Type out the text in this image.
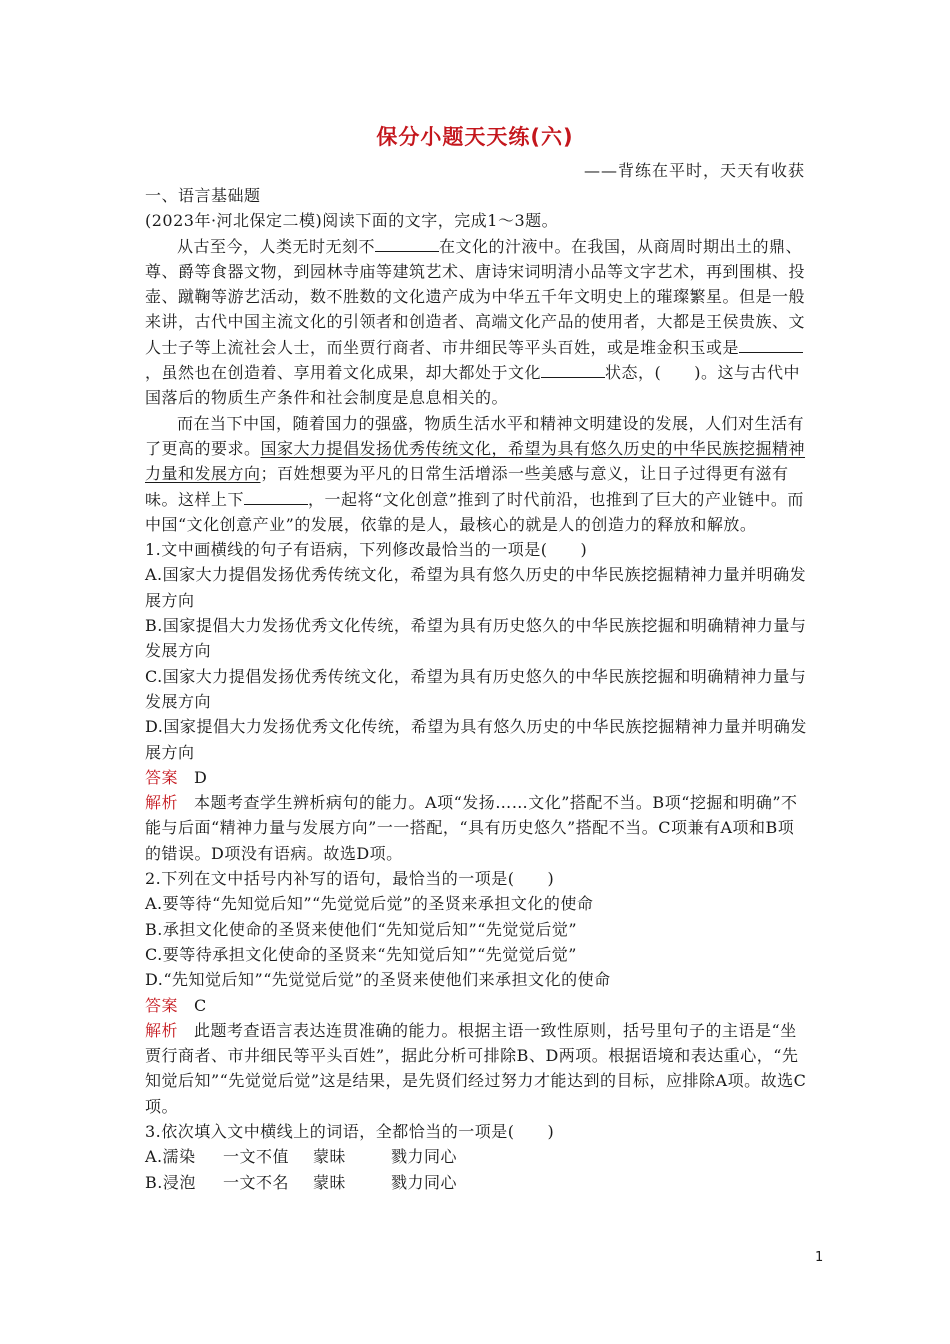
保分小题天天练(六)
——背练在平时，天天有收获

一、语言基础题

(2023年·河北保定二模)阅读下面的文字，完成1～3题。

从古至今，人类无时无刻不	在文化的汁液中。在我国，从商周时期出土的鼎、尊、爵等食器文物，到园林寺庙等建筑艺术、唐诗宋词明清小品等文字艺术，再到围棋、投壶、蹴鞠等游艺活动，数不胜数的文化遗产成为中华五千年文明史上的璀璨繁星。但是一般来讲，古代中国主流文化的引领者和创造者、高端文化产品的使用者，大都是王侯贵族、文人士子等上流社会人士，而坐贾行商者、市井细民等平头百姓，或是堆金积玉或是，虽然也在创造着、享用着文化成果，却大都处于文化	状态，(　　)。这与古代中国落后的物质生产条件和社会制度是息息相关的。

而在当下中国，随着国力的强盛，物质生活水平和精神文明建设的发展，人们对生活有了更高的要求。国家大力提倡发扬优秀传统文化，希望为具有悠久历史的中华民族挖掘精神力量和发展方向；百姓想要为平凡的日常生活增添一些美感与意义，让日子过得更有滋有味。这样上下	，一起将“文化创意”推到了时代前沿，也推到了巨大的产业链中。而中国“文化创意产业”的发展，依靠的是人，最核心的就是人的创造力的释放和解放。

1.文中画横线的句子有语病，下列修改最恰当的一项是(　　)

A.国家大力提倡发扬优秀传统文化，希望为具有悠久历史的中华民族挖掘精神力量并明确发展方向

B.国家提倡大力发扬优秀文化传统，希望为具有历史悠久的中华民族挖掘和明确精神力量与发展方向

C.国家大力提倡发扬优秀传统文化，希望为具有历史悠久的中华民族挖掘和明确精神力量与发展方向

D.国家提倡大力发扬优秀文化传统，希望为具有悠久历史的中华民族挖掘精神力量并明确发展方向

答案 D

解析 本题考查学生辨析病句的能力。A项“发扬……文化”搭配不当。B项“挖掘和明确”不能与后面“精神力量与发展方向”一一搭配，“具有历史悠久”搭配不当。C项兼有A项和B项的错误。D项没有语病。故选D项。

2.下列在文中括号内补写的语句，最恰当的一项是(　　)

A.要等待“先知觉后知”“先觉觉后觉”的圣贤来承担文化的使命

B.承担文化使命的圣贤来使他们“先知觉后知”“先觉觉后觉”

C.要等待承担文化使命的圣贤来“先知觉后知”“先觉觉后觉”

D.“先知觉后知”“先觉觉后觉”的圣贤来使他们来承担文化的使命

答案 C

解析 此题考查语言表达连贯准确的能力。根据主语一致性原则，括号里句子的主语是“坐贾行商者、市井细民等平头百姓”，据此分析可排除B、D两项。根据语境和表达重心，“先知觉后知”“先觉觉后觉”这是结果，是先贤们经过努力才能达到的目标，应排除A项。故选C项。

3.依次填入文中横线上的词语，全都恰当的一项是(　　)

A.濡染 一文不值 蒙昧	戮力同心

B.浸泡 一文不名 蒙昧	戮力同心

1
